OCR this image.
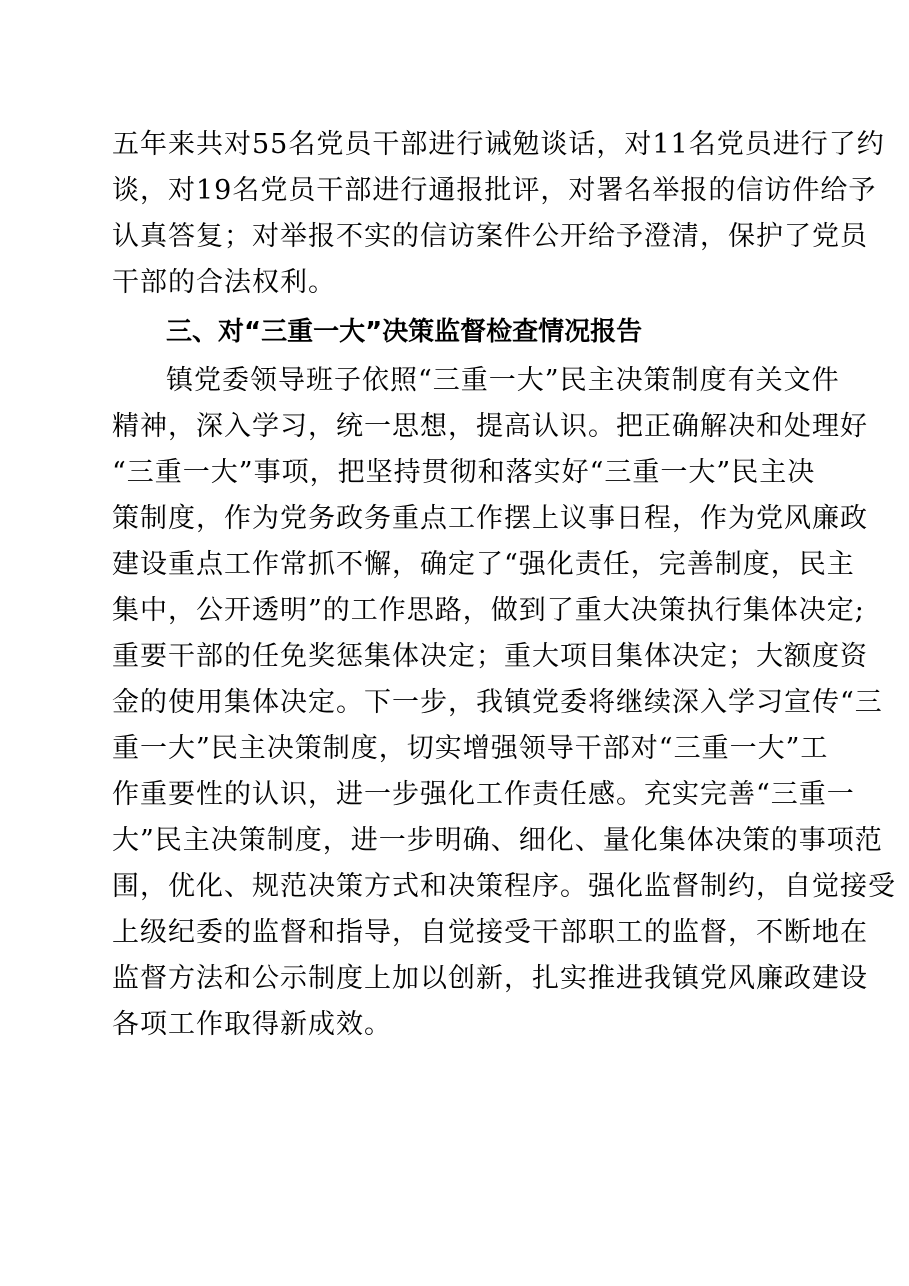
五年来共对55名党员干部进行诫勉谈话，对11名党员进行了约
谈，对19名党员干部进行通报批评，对署名举报的信访件给予
认真答复；对举报不实的信访案件公开给予澄清，保护了党员
干部的合法权利。
三、对“三重一大”决策监督检查情况报告
镇党委领导班子依照“三重一大”民主决策制度有关文件
精神，深入学习，统一思想，提高认识。把正确解决和处理好
“三重一大”事项，把坚持贯彻和落实好“三重一大”民主决
策制度，作为党务政务重点工作摆上议事日程，作为党风廉政
建设重点工作常抓不懈，确定了“强化责任，完善制度，民主
集中，公开透明”的工作思路，做到了重大决策执行集体决定;
重要干部的任免奖惩集体决定；重大项目集体决定；大额度资
金的使用集体决定。下一步，我镇党委将继续深入学习宣传“三
重一大”民主决策制度，切实增强领导干部对“三重一大”工
作重要性的认识，进一步强化工作责任感。充实完善“三重一
大”民主决策制度，进一步明确、细化、量化集体决策的事项范
围，优化、规范决策方式和决策程序。强化监督制约，自觉接受
上级纪委的监督和指导，自觉接受干部职工的监督，不断地在
监督方法和公示制度上加以创新，扎实推进我镇党风廉政建设
各项工作取得新成效。
